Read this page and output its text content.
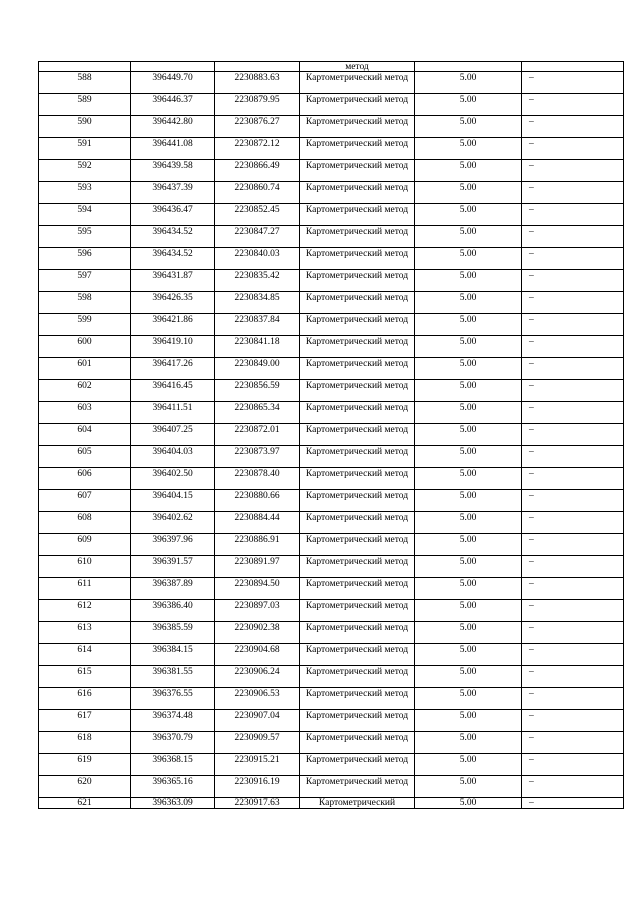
			метод		

588	396449.70	2230883.63	Картометрический метод	5.00	–

589	396446.37	2230879.95	Картометрический метод	5.00	–

590	396442.80	2230876.27	Картометрический метод	5.00	–

591	396441.08	2230872.12	Картометрический метод	5.00	–

592	396439.58	2230866.49	Картометрический метод	5.00	–

593	396437.39	2230860.74	Картометрический метод	5.00	–

594	396436.47	2230852.45	Картометрический метод	5.00	–

595	396434.52	2230847.27	Картометрический метод	5.00	–

596	396434.52	2230840.03	Картометрический метод	5.00	–

597	396431.87	2230835.42	Картометрический метод	5.00	–

598	396426.35	2230834.85	Картометрический метод	5.00	–

599	396421.86	2230837.84	Картометрический метод	5.00	–

600	396419.10	2230841.18	Картометрический метод	5.00	–

601	396417.26	2230849.00	Картометрический метод	5.00	–

602	396416.45	2230856.59	Картометрический метод	5.00	–

603	396411.51	2230865.34	Картометрический метод	5.00	–

604	396407.25	2230872.01	Картометрический метод	5.00	–

605	396404.03	2230873.97	Картометрический метод	5.00	–

606	396402.50	2230878.40	Картометрический метод	5.00	–

607	396404.15	2230880.66	Картометрический метод	5.00	–

608	396402.62	2230884.44	Картометрический метод	5.00	–

609	396397.96	2230886.91	Картометрический метод	5.00	–

610	396391.57	2230891.97	Картометрический метод	5.00	–

611	396387.89	2230894.50	Картометрический метод	5.00	–

612	396386.40	2230897.03	Картометрический метод	5.00	–

613	396385.59	2230902.38	Картометрический метод	5.00	–

614	396384.15	2230904.68	Картометрический метод	5.00	–

615	396381.55	2230906.24	Картометрический метод	5.00	–

616	396376.55	2230906.53	Картометрический метод	5.00	–

617	396374.48	2230907.04	Картометрический метод	5.00	–

618	396370.79	2230909.57	Картометрический метод	5.00	–

619	396368.15	2230915.21	Картометрический метод	5.00	–

620	396365.16	2230916.19	Картометрический метод	5.00	–

621	396363.09	2230917.63	Картометрический	5.00	–
